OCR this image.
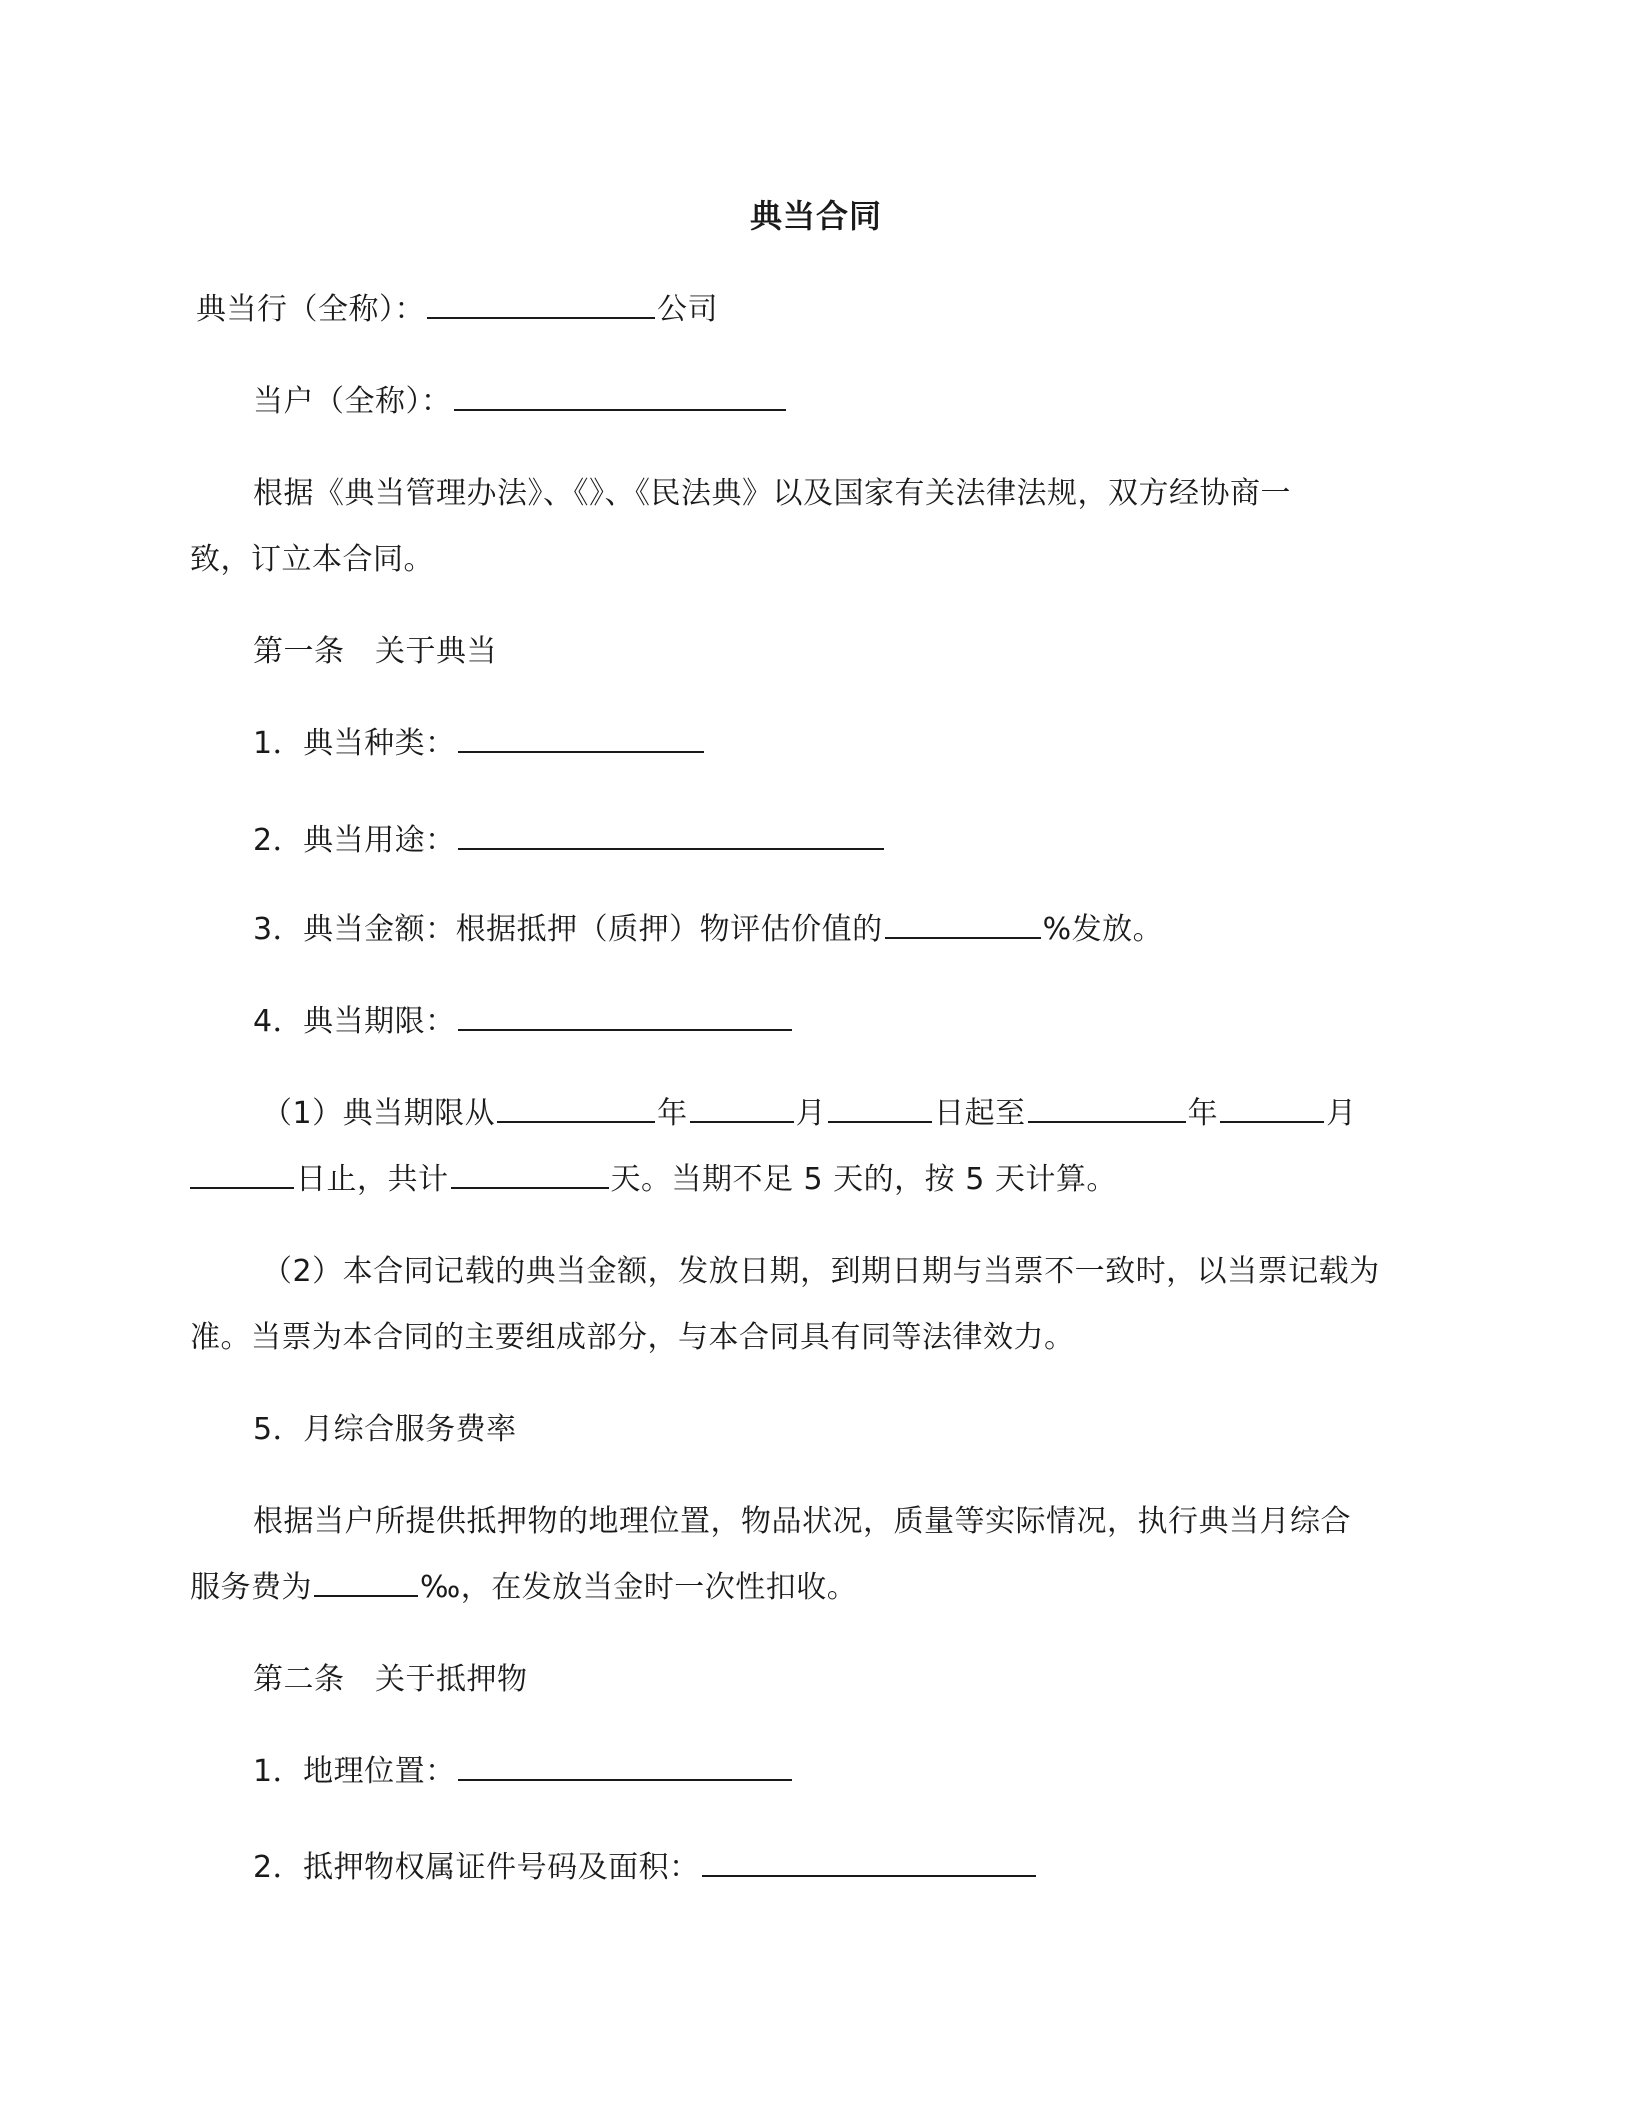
典当合同
典当行（全称）：	公司
当户（全称）：
根据《典当管理办法》、《》、《民法典》以及国家有关法律法规，双方经协商一
致，订立本合同。
第一条　关于典当
1．典当种类：
2．典当用途：
3．典当金额：根据抵押（质押）物评估价值的	%发放。
4．典当期限：
（1）典当期限从	年	月	日起至	年	月
日止，共计	天。当期不足 5 天的，按 5 天计算。
（2）本合同记载的典当金额，发放日期，到期日期与当票不一致时，以当票记载为
准。当票为本合同的主要组成部分，与本合同具有同等法律效力。
5．月综合服务费率
根据当户所提供抵押物的地理位置，物品状况，质量等实际情况，执行典当月综合
服务费为	‰，在发放当金时一次性扣收。
第二条　关于抵押物
1．地理位置：
2．抵押物权属证件号码及面积：
